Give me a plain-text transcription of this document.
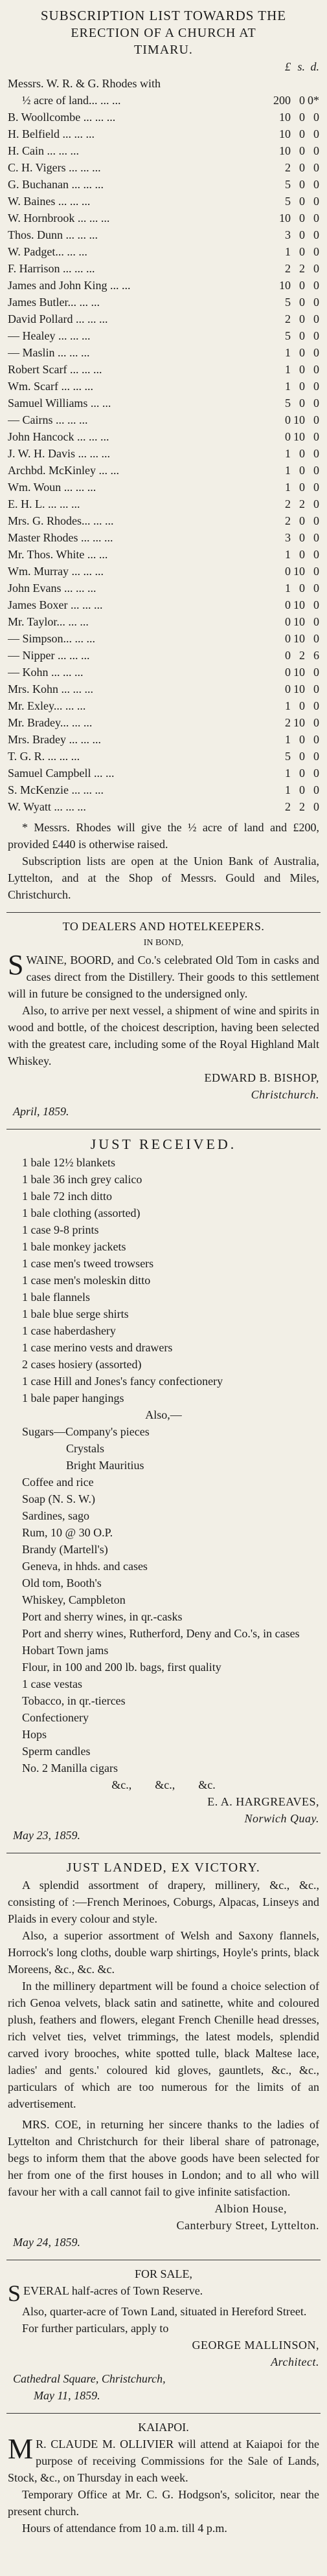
SUBSCRIPTION LIST TOWARDS THE
ERECTION OF A CHURCH AT
TIMARU.
£ s. d.
Messrs. W. R. & G. Rhodes with
½ acre of land... ... ...	200 0 0*
B. Woollcombe ... ... ...	10 0 0
H. Belfield ... ... ...	10 0 0
H. Cain ... ... ...	10 0 0
C. H. Vigers ... ... ...	2 0 0
G. Buchanan ... ... ...	5 0 0
W. Baines ... ... ...	5 0 0
W. Hornbrook ... ... ...	10 0 0
Thos. Dunn ... ... ...	3 0 0
W. Padget... ... ...	1 0 0
F. Harrison ... ... ...	2 2 0
James and John King ... ...	10 0 0
James Butler... ... ...	5 0 0
David Pollard ... ... ...	2 0 0
— Healey ... ... ...	5 0 0
— Maslin ... ... ...	1 0 0
Robert Scarf ... ... ...	1 0 0
Wm. Scarf ... ... ...	1 0 0
Samuel Williams ... ...	5 0 0
— Cairns ... ... ...	0 10 0
John Hancock ... ... ...	0 10 0
J. W. H. Davis ... ... ...	1 0 0
Archbd. McKinley ... ...	1 0 0
Wm. Woun ... ... ...	1 0 0
E. H. L. ... ... ...	2 2 0
Mrs. G. Rhodes... ... ...	2 0 0
Master Rhodes ... ... ...	3 0 0
Mr. Thos. White ... ...	1 0 0
Wm. Murray ... ... ...	0 10 0
John Evans ... ... ...	1 0 0
James Boxer ... ... ...	0 10 0
Mr. Taylor... ... ...	0 10 0
— Simpson... ... ...	0 10 0
— Nipper ... ... ...	0 2 6
— Kohn ... ... ...	0 10 0
Mrs. Kohn ... ... ...	0 10 0
Mr. Exley... ... ...	1 0 0
Mr. Bradey... ... ...	2 10 0
Mrs. Bradey ... ... ...	1 0 0
T. G. R. ... ... ...	5 0 0
Samuel Campbell ... ...	1 0 0
S. McKenzie ... ... ...	1 0 0
W. Wyatt ... ... ...	2 2 0

* Messrs. Rhodes will give the ½ acre of land and £200, provided £440 is otherwise raised.

Subscription lists are open at the Union Bank of Australia, Lyttelton, and at the Shop of Messrs. Gould and Miles, Christchurch.

TO DEALERS AND HOTELKEEPERS.
IN BOND,

SWAINE, BOORD, and Co.'s celebrated Old Tom in casks and cases direct from the Distillery. Their goods to this settlement will in future be consigned to the undersigned only.

Also, to arrive per next vessel, a shipment of wine and spirits in wood and bottle, of the choicest description, having been selected with the greatest care, including some of the Royal Highland Malt Whiskey.

EDWARD B. BISHOP,
Christchurch.
April, 1859.
JUST RECEIVED.
1 bale 12½ blankets
1 bale 36 inch grey calico
1 bale 72 inch ditto
1 bale clothing (assorted)
1 case 9-8 prints
1 bale monkey jackets
1 case men's tweed trowsers
1 case men's moleskin ditto
1 bale flannels
1 bale blue serge shirts
1 case haberdashery
1 case merino vests and drawers
2 cases hosiery (assorted)
1 case Hill and Jones's fancy confectionery
1 bale paper hangings
Also,—
Sugars—Company's pieces
Crystals
Bright Mauritius
Coffee and rice
Soap (N. S. W.)
Sardines, sago
Rum, 10 @ 30 O.P.
Brandy (Martell's)
Geneva, in hhds. and cases
Old tom, Booth's
Whiskey, Campbleton
Port and sherry wines, in qr.-casks
Port and sherry wines, Rutherford, Deny and Co.'s, in cases
Hobart Town jams
Flour, in 100 and 200 lb. bags, first quality
1 case vestas
Tobacco, in qr.-tierces
Confectionery
Hops
Sperm candles
No. 2 Manilla cigars
&c.,        &c.,        &c.
E. A. HARGREAVES,
Norwich Quay.
May 23, 1859.
JUST LANDED, EX VICTORY.

A splendid assortment of drapery, millinery, &c., &c., consisting of :—French Merinoes, Coburgs, Alpacas, Linseys and Plaids in every colour and style.

Also, a superior assortment of Welsh and Saxony flannels, Horrock's long cloths, double warp shirtings, Hoyle's prints, black Moreens, &c., &c. &c.

In the millinery department will be found a choice selection of rich Genoa velvets, black satin and satinette, white and coloured plush, feathers and flowers, elegant French Chenille head dresses, rich velvet ties, velvet trimmings, the latest models, splendid carved ivory brooches, white spotted tulle, black Maltese lace, ladies' and gents.' coloured kid gloves, gauntlets, &c., &c., particulars of which are too numerous for the limits of an advertisement.

MRS. COE, in returning her sincere thanks to the ladies of Lyttelton and Christchurch for their liberal share of patronage, begs to inform them that the above goods have been selected for her from one of the first houses in London; and to all who will favour her with a call cannot fail to give infinite satisfaction.

Albion House,
Canterbury Street, Lyttelton.
May 24, 1859.
FOR SALE,

SEVERAL half-acres of Town Reserve.

Also, quarter-acre of Town Land, situated in Hereford Street.

For further particulars, apply to

GEORGE MALLINSON,
Architect.
Cathedral Square, Christchurch,
May 11, 1859.
KAIAPOI.

M R. CLAUDE M. OLLIVIER will attend at Kaiapoi for the purpose of receiving Commissions for the Sale of Lands, Stock, &c., on Thursday in each week.

Temporary Office at Mr. C. G. Hodgson's, solicitor, near the present church.

Hours of attendance from 10 a.m. till 4 p.m.
